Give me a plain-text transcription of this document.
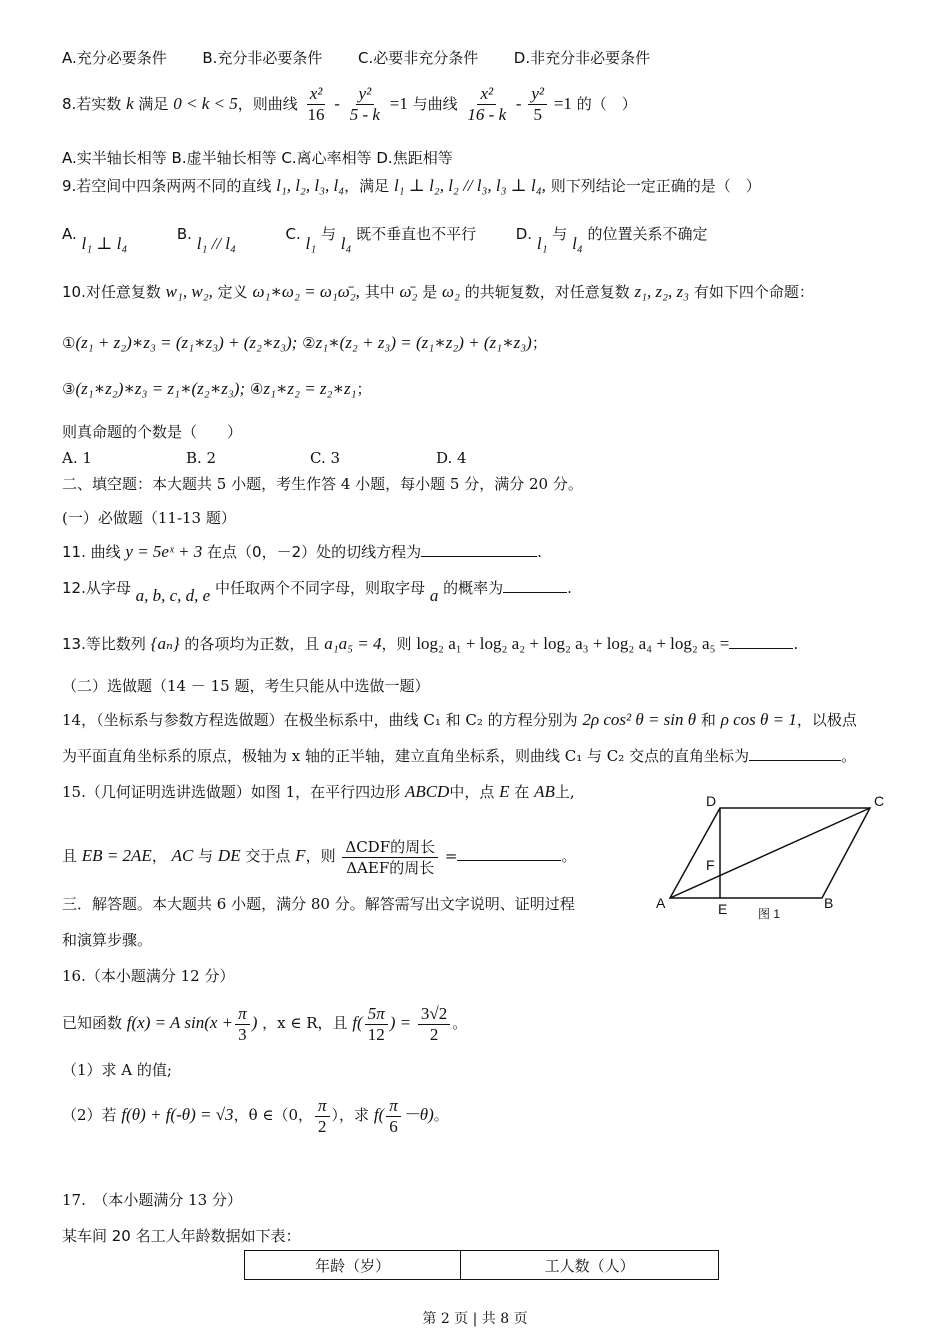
A.充分必要条件 B.充分非必要条件 C.必要非充分条件 D.非充分非必要条件
8.若实数 k 满足 0 < k < 5，则曲线 $\frac{\text{x²}}{16} - \frac{\text{y²}}{5 - k} =1$ 与曲线 $\frac{\text{x²}}{16 - k} - \frac{\text{y²}}{5} =1$ 的（　）
A.实半轴长相等 B.虚半轴长相等 C.离心率相等 D.焦距相等
9.若空间中四条两两不同的直线 l₁, l₂, l₃, l₄，满足 l₁ ⊥ l₂, l₂ // l₃, l₃ ⊥ l₄, 则下列结论一定正确的是（　）
A. l₁ ⊥ l₄	B. l₁ // l₄	C. l₁ 与 l₄ 既不垂直也不平行	D. l₁ 与 l₄ 的位置关系不确定
10.对任意复数 w₁, w₂, 定义 ω₁∗ω₂ = ω₁ω̄₂, 其中 ω̄₂ 是 ω₂ 的共轭复数，对任意复数 z₁, z₂, z₃ 有如下四个命题：
①(z₁ + z₂)∗z₃ = (z₁∗z₃) + (z₂∗z₃); ②z₁∗(z₂ + z₃) = (z₁∗z₂) + (z₁∗z₃)；
③(z₁∗z₂)∗z₃ = z₁∗(z₂∗z₃); ④z₁∗z₂ = z₂∗z₁；
则真命题的个数是（　　）
A. 1	B. 2	C. 3	D. 4
二、填空题：本大题共 5 小题，考生作答 4 小题，每小题 5 分，满分 20 分。
(一）必做题（11-13 题）
11. 曲线 y = 5eˣ + 3 在点（0，－2）处的切线方程为	.
12.从字母 a, b, c, d, e 中任取两个不同字母，则取字母 a 的概率为	.
13.等比数列 {aₙ} 的各项均为正数，且 a₁a₅ = 4，则 log₂ a₁ + log₂ a₂ + log₂ a₃ + log₂ a₄ + log₂ a₅ =	.
（二）选做题（14 － 15 题，考生只能从中选做一题）
14，（坐标系与参数方程选做题）在极坐标系中，曲线 C₁ 和 C₂ 的方程分别为 2ρ cos² θ = sin θ 和 ρ cos θ = 1，以极点
为平面直角坐标系的原点，极轴为 x 轴的正半轴，建立直角坐标系，则曲线 C₁ 与 C₂ 交点的直角坐标为	。
15.（几何证明选讲选做题）如图 1，在平行四边形 ABCD中，点 E 在 AB上,
且 EB = 2AE， AC 与 DE 交于点 F，则 $\frac{\text{ΔCDF的周长}}{\text{ΔAEF的周长}}$ =	。
A	B
C
D
E
F
图 1
三．解答题。本大题共 6 小题，满分 80 分。解答需写出文字说明、证明过程
和演算步骤。
16.（本小题满分 12 分）
已知函数 f(x) = A $\sin(x + \frac{\pi}{3}$ ) ，x ∈ R，且 $f( \frac{5\pi}{12}$ ) = $\frac{3√2}{2}$ 。
（1）求 A 的值;
（2）若 f(θ) + f(-θ) = √3，θ ∈（0， $\frac{\pi}{2}$ ），求 $f( \frac{\pi}{6} -\theta)$。
17.　（本小题满分 13 分）
某车间 20 名工人年龄数据如下表：
年龄（岁）	工人数（人）
第 2 页 | 共 8 页
